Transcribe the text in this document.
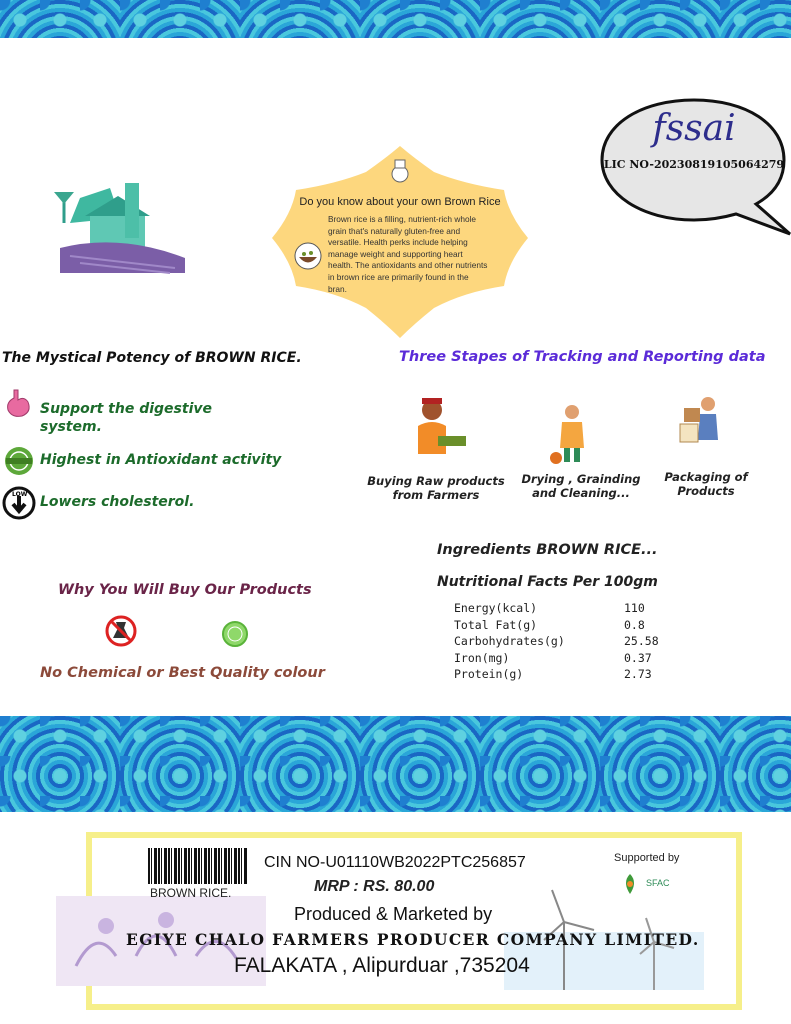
fssai
LIC NO-20230819105064279
Do you know about your own Brown Rice
Brown rice is a filling, nutrient-rich whole grain that's naturally gluten-free and versatile. Health perks include helping manage weight and supporting heart health. The antioxidants and other nutrients in brown rice are primarily found in the bran.
The Mystical Potency of BROWN RICE.
Support the digestive system.
Highest in Antioxidant activity
LOW Lowers cholesterol.
Three Stapes of Tracking and Reporting data
Buying Raw products from Farmers
Drying , Grainding and Cleaning...
Packaging of Products
Why You Will Buy Our Products
No Chemical or Best Quality colour
Ingredients BROWN RICE...
Nutritional Facts Per 100gm
Energy(kcal)	110
Total Fat(g)	0.8
Carbohydrates(g)	25.58
Iron(mg)	0.37
Protein(g)	2.73
BROWN RICE.
CIN NO-U01110WB2022PTC256857
MRP : RS. 80.00
Produced & Marketed by
EGIYE CHALO FARMERS PRODUCER COMPANY LIMITED.
FALAKATA , Alipurduar ,735204
Supported by
SFAC
